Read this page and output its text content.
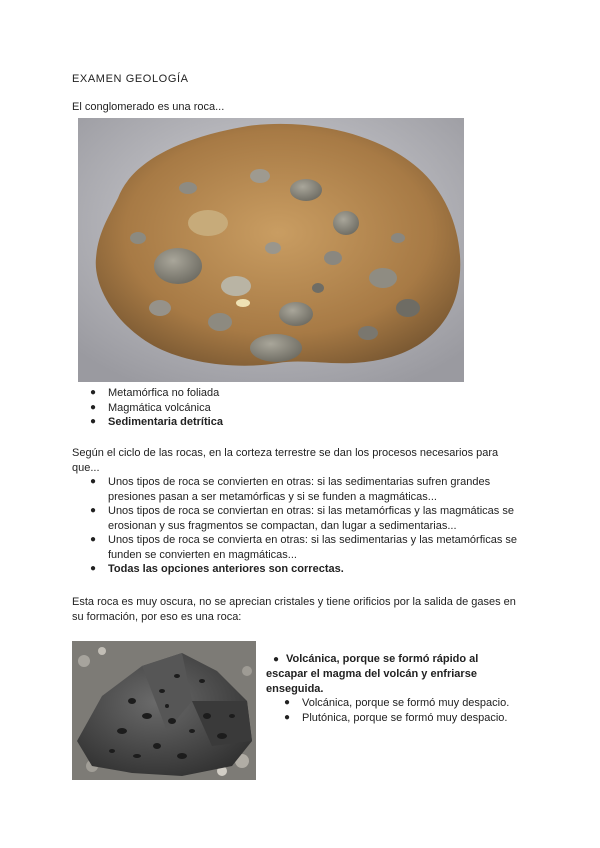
EXAMEN GEOLOGÍA
El conglomerado es una roca...
● Metamórfica no foliada
● Magmática volcánica
● Sedimentaria detrítica
Según el ciclo de las rocas, en la corteza terrestre se dan los procesos necesarios para
que...
● Unos tipos de roca se convierten en otras: si las sedimentarias sufren grandes
presiones pasan a ser metamórficas y si se funden a magmáticas...
● Unos tipos de roca se conviertan en otras: si las metamórficas y las magmáticas se
erosionan y sus fragmentos se compactan, dan lugar a sedimentarias...
● Unos tipos de roca se convierta en otras: si las sedimentarias y las metamórficas se
funden se convierten en magmáticas...
● Todas las opciones anteriores son correctas.
Esta roca es muy oscura, no se aprecian cristales y tiene orificios por la salida de gases en
su formación, por eso es una roca:
● Volcánica, porque se formó rápido al
escapar el magma del volcán y enfriarse
enseguida.
● Volcánica, porque se formó muy despacio.
● Plutónica, porque se formó muy despacio.
